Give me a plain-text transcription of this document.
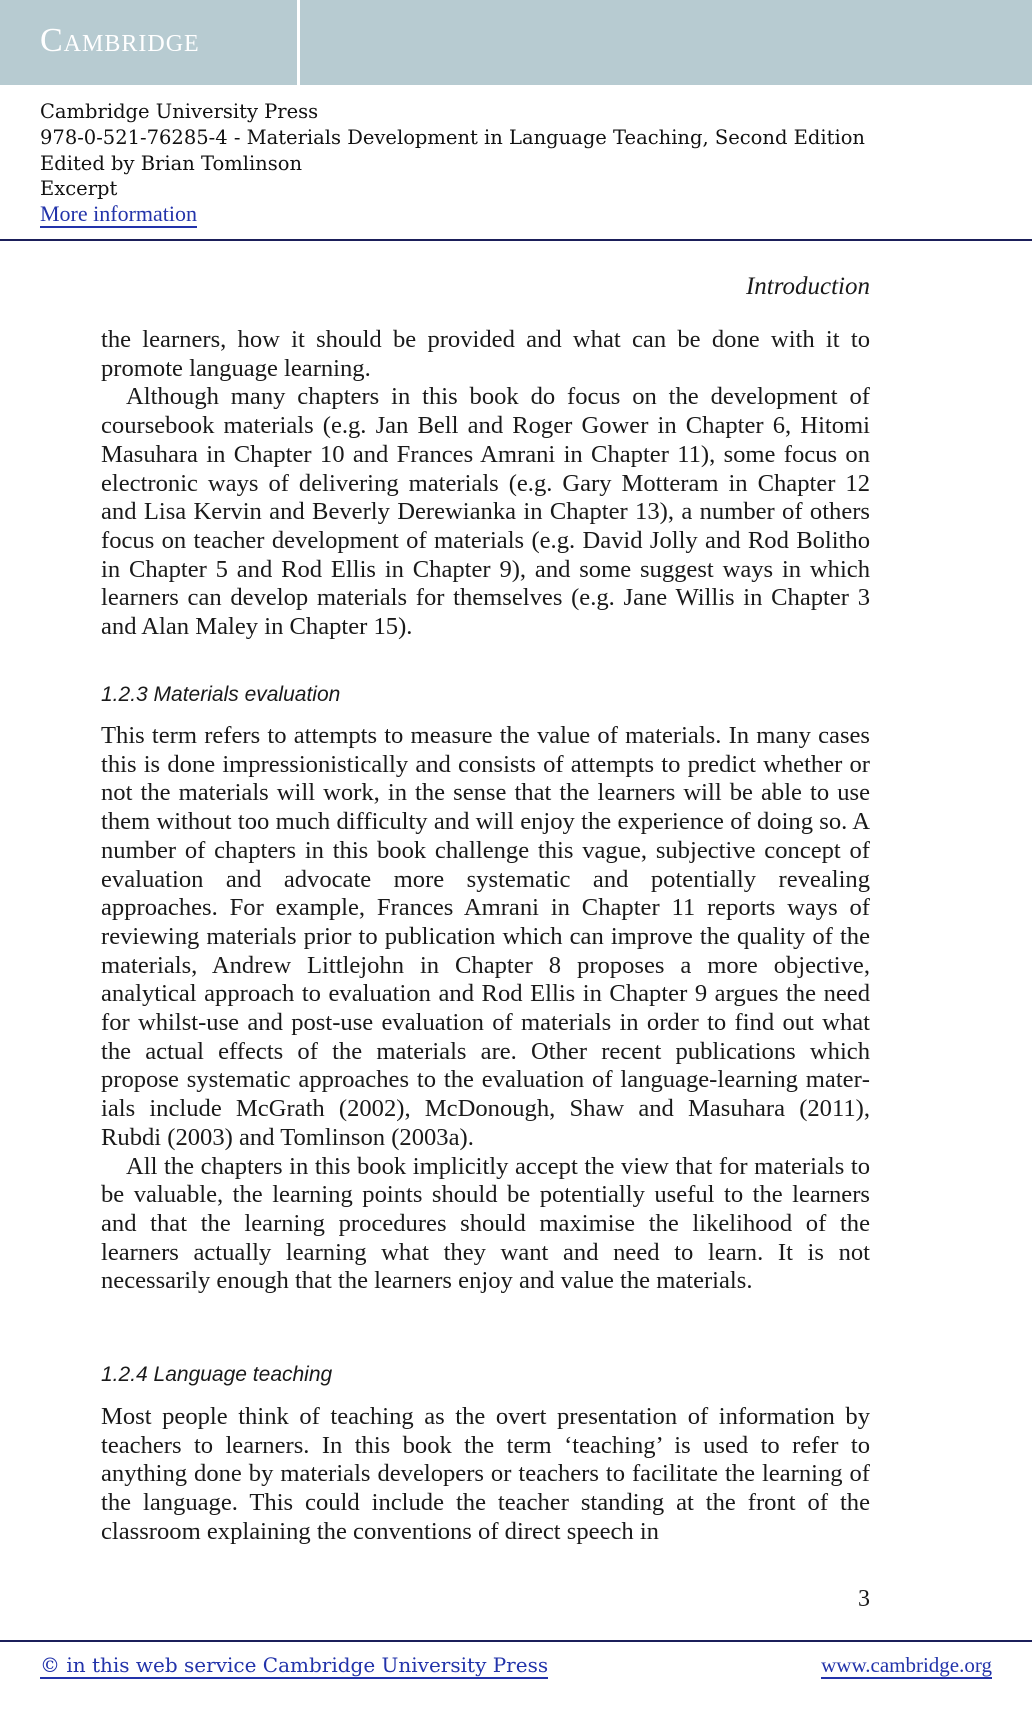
Cambridge
Cambridge University Press
978-0-521-76285-4 - Materials Development in Language Teaching, Second Edition
Edited by Brian Tomlinson
Excerpt
More information
Introduction

the learners, how it should be provided and what can be done with it to promote language learning.

Although many chapters in this book do focus on the development of coursebook materials (e.g. Jan Bell and Roger Gower in Chapter 6, Hitomi Masuhara in Chapter 10 and Frances Amrani in Chapter 11), some focus on electronic ways of delivering materials (e.g. Gary Motteram in Chapter 12 and Lisa Kervin and Beverly Derewianka in Chapter 13), a number of others focus on teacher development of materials (e.g. David Jolly and Rod Bolitho in Chapter 5 and Rod Ellis in Chapter 9), and some suggest ways in which learners can develop materials for themselves (e.g. Jane Willis in Chapter 3 and Alan Maley in Chapter 15).

1.2.3 Materials evaluation

This term refers to attempts to measure the value of materials. In many cases this is done impressionistically and consists of attempts to predict whether or not the materials will work, in the sense that the learners will be able to use them without too much difficulty and will enjoy the experience of doing so. A number of chapters in this book challenge this vague, subjective concept of evaluation and advocate more systematic and potentially revealing approaches. For example, Frances Amrani in Chapter 11 reports ways of reviewing materials prior to publication which can improve the quality of the materials, Andrew Littlejohn in Chapter 8 proposes a more objective, analytical approach to evaluation and Rod Ellis in Chapter 9 argues the need for whilst-use and post-use evaluation of materials in order to find out what the actual effects of the materials are. Other recent publications which propose systematic approaches to the evaluation of language-learning materials include McGrath (2002), McDonough, Shaw and Masuhara (2011), Rubdi (2003) and Tomlinson (2003a).

All the chapters in this book implicitly accept the view that for materials to be valuable, the learning points should be potentially useful to the learners and that the learning procedures should maximise the likelihood of the learners actually learning what they want and need to learn. It is not necessarily enough that the learners enjoy and value the materials.

1.2.4 Language teaching

Most people think of teaching as the overt presentation of information by teachers to learners. In this book the term ‘teaching’ is used to refer to anything done by materials developers or teachers to facilitate the learning of the language. This could include the teacher standing at the front of the classroom explaining the conventions of direct speech in

3
© in this web service Cambridge University Press	www.cambridge.org
